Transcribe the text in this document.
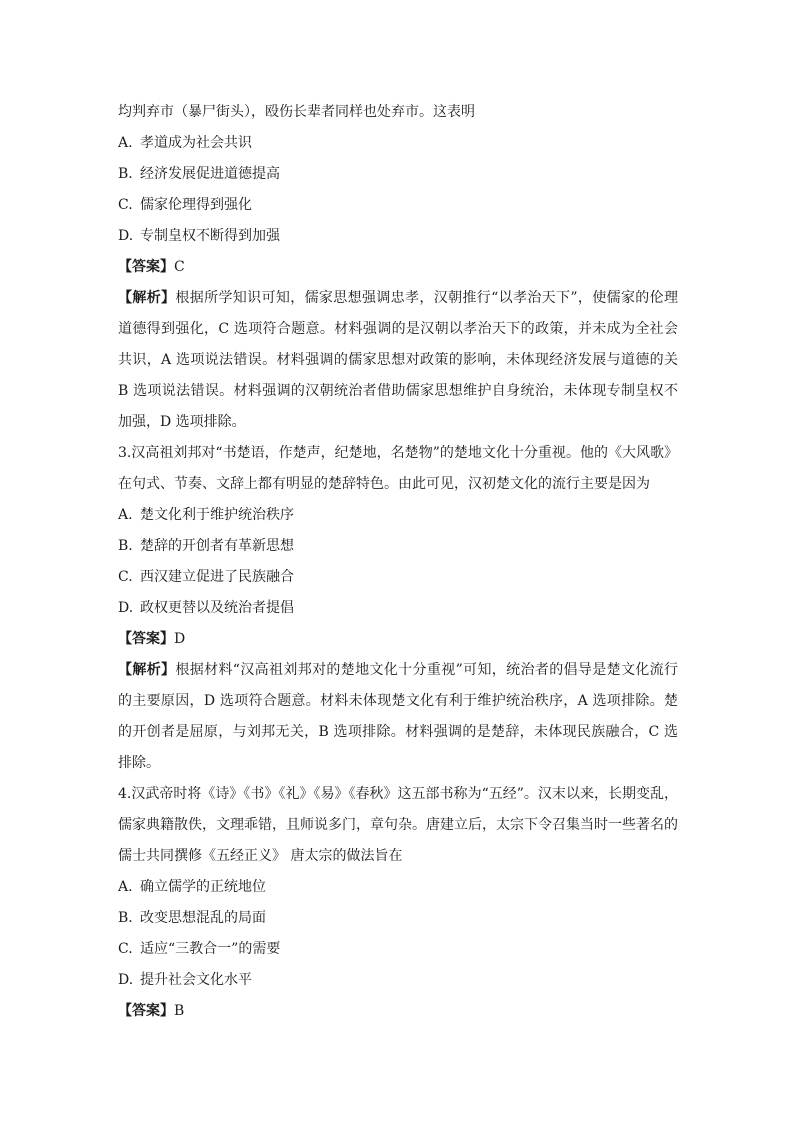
均判弃市（暴尸街头），殴伤长辈者同样也处弃市。这表明
A. 孝道成为社会共识
B. 经济发展促进道德提高
C. 儒家伦理得到强化
D. 专制皇权不断得到加强
【答案】C
【解析】根据所学知识可知，儒家思想强调忠孝，汉朝推行“以孝治天下”，使儒家的伦理
道德得到强化，C 选项符合题意。材料强调的是汉朝以孝治天下的政策，并未成为全社会
共识，A 选项说法错误。材料强调的儒家思想对政策的影响，未体现经济发展与道德的关
B 选项说法错误。材料强调的汉朝统治者借助儒家思想维护自身统治，未体现专制皇权不
加强，D 选项排除。
3.汉高祖刘邦对“书楚语，作楚声，纪楚地，名楚物”的楚地文化十分重视。他的《大风歌》
在句式、节奏、文辞上都有明显的楚辞特色。由此可见，汉初楚文化的流行主要是因为
A. 楚文化利于维护统治秩序
B. 楚辞的开创者有革新思想
C. 西汉建立促进了民族融合
D. 政权更替以及统治者提倡
【答案】D
【解析】根据材料“汉高祖刘邦对的楚地文化十分重视”可知，统治者的倡导是楚文化流行
的主要原因，D 选项符合题意。材料未体现楚文化有利于维护统治秩序，A 选项排除。楚
的开创者是屈原，与刘邦无关，B 选项排除。材料强调的是楚辞，未体现民族融合，C 选
排除。
4.汉武帝时将《诗》《书》《礼》《易》《春秋》这五部书称为“五经”。汉末以来，长期变乱，
儒家典籍散佚，文理乖错，且师说多门，章句杂。唐建立后，太宗下令召集当时一些著名的
儒士共同撰修《五经正义》 唐太宗的做法旨在
A. 确立儒学的正统地位
B. 改变思想混乱的局面
C. 适应“三教合一”的需要
D. 提升社会文化水平
【答案】B
